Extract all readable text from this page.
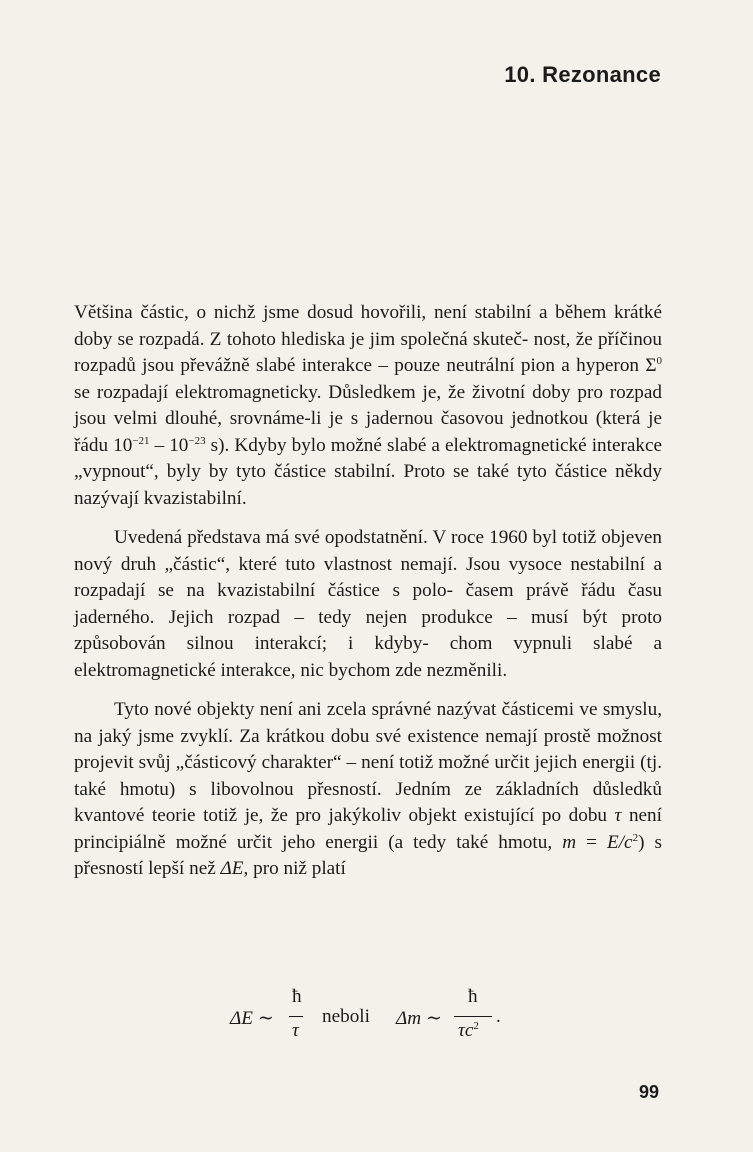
10. Rezonance

Většina částic, o nichž jsme dosud hovořili, není stabilní a během krátké doby se rozpadá. Z tohoto hlediska je jim společná skuteč- nost, že příčinou rozpadů jsou převážně slabé interakce – pouze neutrální pion a hyperon $\Sigma^0$ se rozpadají elektromagneticky. Důsledkem je, že životní doby pro rozpad jsou velmi dlouhé, srovnáme-li je s jadernou časovou jednotkou (která je řádu $10^{-21} - 10^{-23}$ s). Kdyby bylo možné slabé a elektromagnetické interakce „vypnout“, byly by tyto částice stabilní. Proto se také tyto částice někdy nazývají kvazistabilní.

Uvedená představa má své opodstatnění. V roce 1960 byl totiž objeven nový druh „částic“, které tuto vlastnost nemají. Jsou vysoce nestabilní a rozpadají se na kvazistabilní částice s polo- časem právě řádu času jaderného. Jejich rozpad – tedy nejen produkce – musí být proto způsobován silnou interakcí; i kdyby- chom vypnuli slabé a elektromagnetické interakce, nic bychom zde nezměnili.

Tyto nové objekty není ani zcela správné nazývat částicemi ve smyslu, na jaký jsme zvyklí. Za krátkou dobu své existence nemají prostě možnost projevit svůj „částicový charakter“ – není totiž možné určit jejich energii (tj. také hmotu) s libovolnou přesností. Jedním ze základních důsledků kvantové teorie totiž je, že pro jakýkoliv objekt existující po dobu τ není principiálně možné určit jeho energii (a tedy také hmotu, $m = E/c^2$) s přesností lepší než ΔE, pro niž platí

ΔE ∼
ħ
τ
neboli Δm ∼
ħ
$\tau c^2$ .
99
